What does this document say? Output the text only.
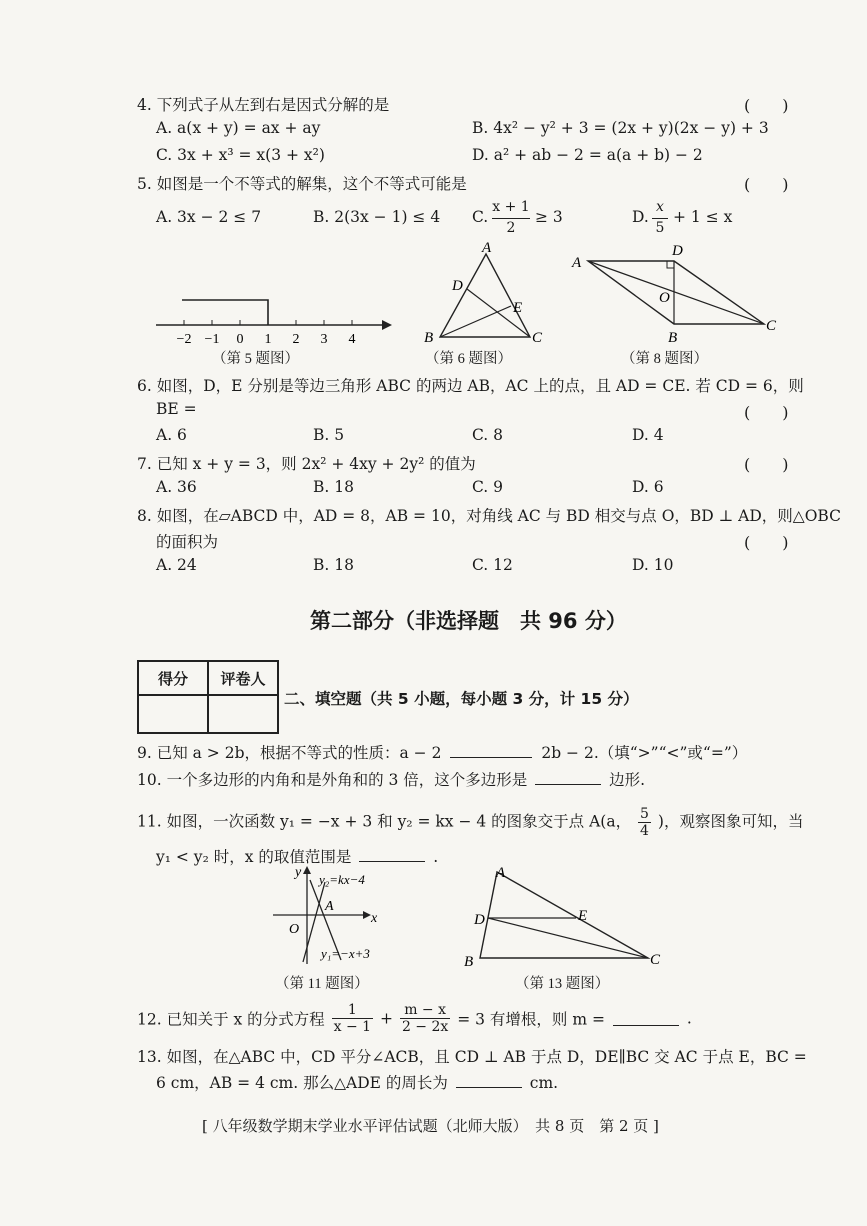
4. 下列式子从左到右是因式分解的是	(　　)
A. a(x + y) = ax + ay	B. 4x² − y² + 3 = (2x + y)(2x − y) + 3
C. 3x + x³ = x(3 + x²)	D. a² + ab − 2 = a(a + b) − 2
5. 如图是一个不等式的解集，这个不等式可能是	(　　)
A. 3x − 2 ≤ 7	B. 2(3x − 1) ≤ 4 C.
x + 1
2
≥ 3	D.
x
5
+ 1 ≤ x
−2 −1 0 1 2 3 4
（第 5 题图）
A
B	C
D
E
（第 6 题图）
A
D
O
B
C
（第 8 题图）
6. 如图，D，E 分别是等边三角形 ABC 的两边 AB，AC 上的点，且 AD = CE. 若 CD = 6，则
BE =	(　　)
A. 6	B. 5	C. 8	D. 4
7. 已知 x + y = 3，则 2x² + 4xy + 2y² 的值为	(　　)
A. 36	B. 18	C. 9	D. 6
8. 如图，在▱ABCD 中，AD = 8，AB = 10，对角线 AC 与 BD 相交与点 O，BD ⊥ AD，则△OBC
的面积为	(　　)
A. 24	B. 18	C. 12	D. 10
第二部分（非选择题　共 96 分）
得分	评卷人

二、填空题（共 5 小题，每小题 3 分，计 15 分）
9. 已知 a > 2b，根据不等式的性质：a − 2	2b − 2.（填“>”“<”或“=”）
10. 一个多边形的内角和是外角和的 3 倍，这个多边形是	边形.
11. 如图，一次函数 y₁ = −x + 3 和 y₂ = kx − 4 的图象交于点 A(a， $\frac{5}{4}$ )，观察图象可知，当
y₁ < y₂ 时，x 的取值范围是	.
y
x
O
A
y₂=kx−4
y₁=−x+3
（第 11 题图）
A
B	C
D	E
（第 13 题图）
12. 已知关于 x 的分式方程 $\frac{1}{x - 1} + \frac{m - x}{2 - 2x} = 3$ 有增根，则 m =	.
13. 如图，在△ABC 中，CD 平分∠ACB，且 CD ⊥ AB 于点 D，DE∥BC 交 AC 于点 E，BC =
6 cm，AB = 4 cm. 那么△ADE 的周长为	cm.
[ 八年级数学期末学业水平评估试题（北师大版）　共 8 页　第 2 页 ]
